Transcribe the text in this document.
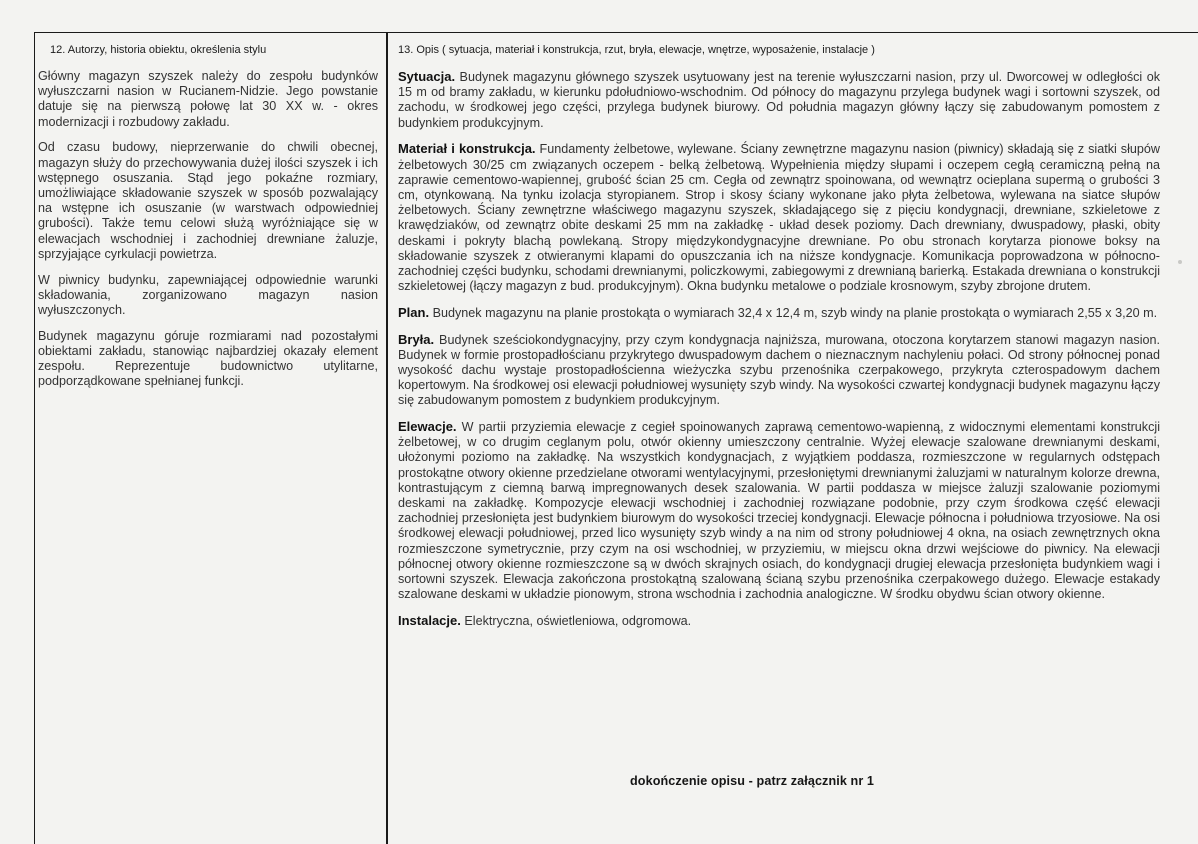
12. Autorzy, historia obiektu, określenia stylu

Główny magazyn szyszek należy do zespołu budynków wyłuszczarni nasion w Rucianem-Nidzie. Jego powstanie datuje się na pierwszą połowę lat 30 XX w. - okres modernizacji i rozbudowy zakładu.

Od czasu budowy, nieprzerwanie do chwili obecnej, magazyn służy do przechowywania dużej ilości szyszek i ich wstępnego osuszania. Stąd jego pokaźne rozmiary, umożliwiające składowanie szyszek w sposób pozwalający na wstępne ich osuszanie (w warstwach odpowiedniej grubości). Także temu celowi służą wyróżniające się w elewacjach wschodniej i zachodniej drewniane żaluzje, sprzyjające cyrkulacji powietrza.

W piwnicy budynku, zapewniającej odpowiednie warunki składowania, zorganizowano magazyn nasion wyłuszczonych.

Budynek magazynu góruje rozmiarami nad pozostałymi obiektami zakładu, stanowiąc najbardziej okazały element zespołu. Reprezentuje budownictwo utylitarne, podporządkowane spełnianej funkcji.

13. Opis ( sytuacja, materiał i konstrukcja, rzut, bryła, elewacje, wnętrze, wyposażenie, instalacje )

Sytuacja. Budynek magazynu głównego szyszek usytuowany jest na terenie wyłuszczarni nasion, przy ul. Dworcowej w odległości ok 15 m od bramy zakładu, w kierunku pdołudniowo-wschodnim. Od północy do magazynu przylega budynek wagi i sortowni szyszek, od zachodu, w środkowej jego części, przylega budynek biurowy. Od południa magazyn główny łączy się zabudowanym pomostem z budynkiem produkcyjnym.

Materiał i konstrukcja. Fundamenty żelbetowe, wylewane. Ściany zewnętrzne magazynu nasion (piwnicy) składają się z siatki słupów żelbetowych 30/25 cm związanych oczepem - belką żelbetową. Wypełnienia między słupami i oczepem cegłą ceramiczną pełną na zaprawie cementowo-wapiennej, grubość ścian 25 cm. Cegła od zewnątrz spoinowana, od wewnątrz ocieplana supermą o grubości 3 cm, otynkowaną. Na tynku izolacja styropianem. Strop i skosy ściany wykonane jako płyta żelbetowa, wylewana na siatce słupów żelbetowych. Ściany zewnętrzne właściwego magazynu szyszek, składającego się z pięciu kondygnacji, drewniane, szkieletowe z krawędziaków, od zewnątrz obite deskami 25 mm na zakładkę - układ desek poziomy. Dach drewniany, dwuspadowy, płaski, obity deskami i pokryty blachą powlekaną. Stropy międzykondygnacyjne drewniane. Po obu stronach korytarza pionowe boksy na składowanie szyszek z otwieranymi klapami do opuszczania ich na niższe kondygnacje. Komunikacja poprowadzona w północno-zachodniej części budynku, schodami drewnianymi, policzkowymi, zabiegowymi z drewnianą barierką. Estakada drewniana o konstrukcji szkieletowej (łączy magazyn z bud. produkcyjnym). Okna budynku metalowe o podziale krosnowym, szyby zbrojone drutem.

Plan. Budynek magazynu na planie prostokąta o wymiarach 32,4 x 12,4 m, szyb windy na planie prostokąta o wymiarach 2,55 x 3,20 m.

Bryła. Budynek sześciokondygnacyjny, przy czym kondygnacja najniższa, murowana, otoczona korytarzem stanowi magazyn nasion. Budynek w formie prostopadłościanu przykrytego dwuspadowym dachem o nieznacznym nachyleniu połaci. Od strony północnej ponad wysokość dachu wystaje prostopadłościenna wieżyczka szybu przenośnika czerpakowego, przykryta czterospadowym dachem kopertowym. Na środkowej osi elewacji południowej wysunięty szyb windy. Na wysokości czwartej kondygnacji budynek magazynu łączy się zabudowanym pomostem z budynkiem produkcyjnym.

Elewacje. W partii przyziemia elewacje z cegieł spoinowanych zaprawą cementowo-wapienną, z widocznymi elementami konstrukcji żelbetowej, w co drugim ceglanym polu, otwór okienny umieszczony centralnie. Wyżej elewacje szalowane drewnianymi deskami, ułożonymi poziomo na zakładkę. Na wszystkich kondygnacjach, z wyjątkiem poddasza, rozmieszczone w regularnych odstępach prostokątne otwory okienne przedzielane otworami wentylacyjnymi, przesłoniętymi drewnianymi żaluzjami w naturalnym kolorze drewna, kontrastującym z ciemną barwą impregnowanych desek szalowania. W partii poddasza w miejsce żaluzji szalowanie poziomymi deskami na zakładkę. Kompozycje elewacji wschodniej i zachodniej rozwiązane podobnie, przy czym środkowa część elewacji zachodniej przesłonięta jest budynkiem biurowym do wysokości trzeciej kondygnacji. Elewacje północna i południowa trzyosiowe. Na osi środkowej elewacji południowej, przed lico wysunięty szyb windy a na nim od strony południowej 4 okna, na osiach zewnętrznych okna rozmieszczone symetrycznie, przy czym na osi wschodniej, w przyziemiu, w miejscu okna drzwi wejściowe do piwnicy. Na elewacji północnej otwory okienne rozmieszczone są w dwóch skrajnych osiach, do kondygnacji drugiej elewacja przesłonięta budynkiem wagi i sortowni szyszek. Elewacja zakończona prostokątną szalowaną ścianą szybu przenośnika czerpakowego dużego. Elewacje estakady szalowane deskami w układzie pionowym, strona wschodnia i zachodnia analogiczne. W środku obydwu ścian otwory okienne.

Instalacje. Elektryczna, oświetleniowa, odgromowa.

dokończenie opisu - patrz załącznik nr 1
